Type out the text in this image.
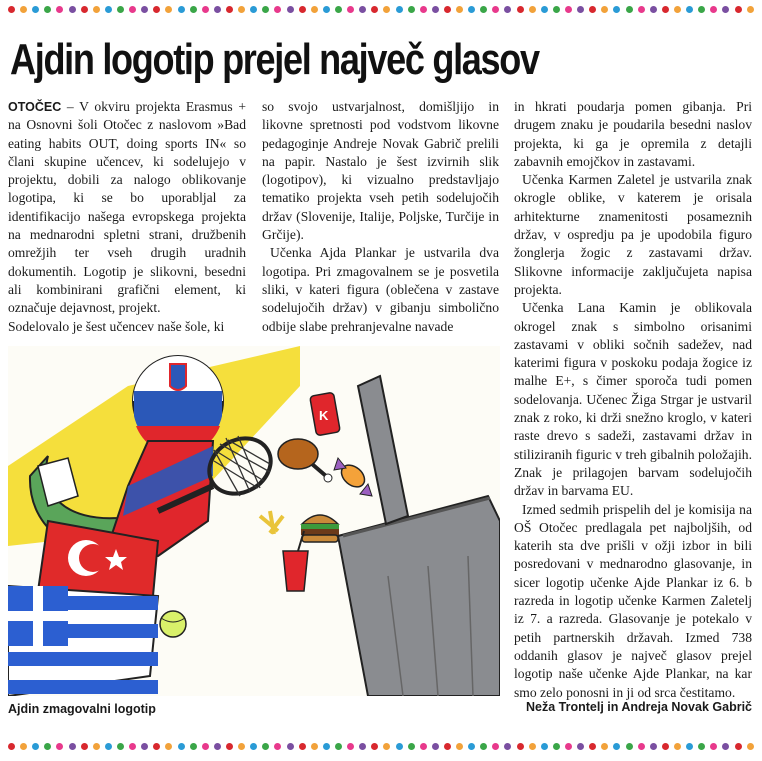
Ajdin logotip prejel največ glasov

OTOČEC – V okviru projekta Erasmus + na Osnovni šoli Otočec z naslovom »Bad eating habits OUT, doing sports IN« so člani skupine učencev, ki sodelujejo v projektu, dobili za nalogo oblikovanje logotipa, ki se bo uporabljal za identifikacijo našega evropskega projekta na mednarodni spletni strani, družbenih omrežjih ter vseh drugih uradnih dokumentih. Logotip je slikovni, besedni ali kombinirani grafični element, ki označuje dejavnost, projekt.

Sodelovalo je šest učencev naše šole, ki

so svojo ustvarjalnost, domišljijo in likovne spretnosti pod vodstvom likovne pedagoginje Andreje Novak Gabrič prelili na papir. Nastalo je šest izvirnih slik (logotipov), ki vizualno predstavljajo tematiko projekta vseh petih sodelujočih držav (Slovenije, Italije, Poljske, Turčije in Grčije).

Učenka Ajda Plankar je ustvarila dva logotipa. Pri zmagovalnem se je posvetila sliki, v kateri figura (oblečena v zastave sodelujočih držav) v gibanju simbolično odbije slabe prehranjevalne navade

in hkrati poudarja pomen gibanja. Pri drugem znaku je poudarila besedni naslov projekta, ki ga je opremila z detajli zabavnih emojčkov in zastavami.

Učenka Karmen Zaletel je ustvarila znak okrogle oblike, v katerem je orisala arhitekturne znamenitosti posameznih držav, v ospredju pa je upodobila figuro žonglerja žogic z zastavami držav. Slikovne informacije zaključujeta napisa projekta.

Učenka Lana Kamin je oblikovala okrogel znak s simbolno orisanimi zastavami v obliki sočnih sadežev, nad katerimi figura v poskoku podaja žogice iz malhe E+, s čimer sporoča tudi pomen sodelovanja. Učenec Žiga Strgar je ustvaril znak z roko, ki drži snežno kroglo, v kateri raste drevo s sadeži, zastavami držav in stiliziranih figuric v treh gibalnih položajih. Znak je prilagojen barvam sodelujočih držav in barvama EU.

Izmed sedmih prispelih del je komisija na OŠ Otočec predlagala pet najboljših, od katerih sta dve prišli v ožji izbor in bili posredovani v mednarodno glasovanje, in sicer logotip učenke Ajde Plankar iz 6. b razreda in logotip učenke Karmen Zaletelj iz 7. a razreda. Glasovanje je potekalo v petih partnerskih državah. Izmed 738 oddanih glasov je največ glasov prejel logotip naše učenke Ajde Plankar, na kar smo zelo ponosni in ji od srca čestitamo.

Neža Trontelj in Andreja Novak Gabrič
K
Ajdin zmagovalni logotip
